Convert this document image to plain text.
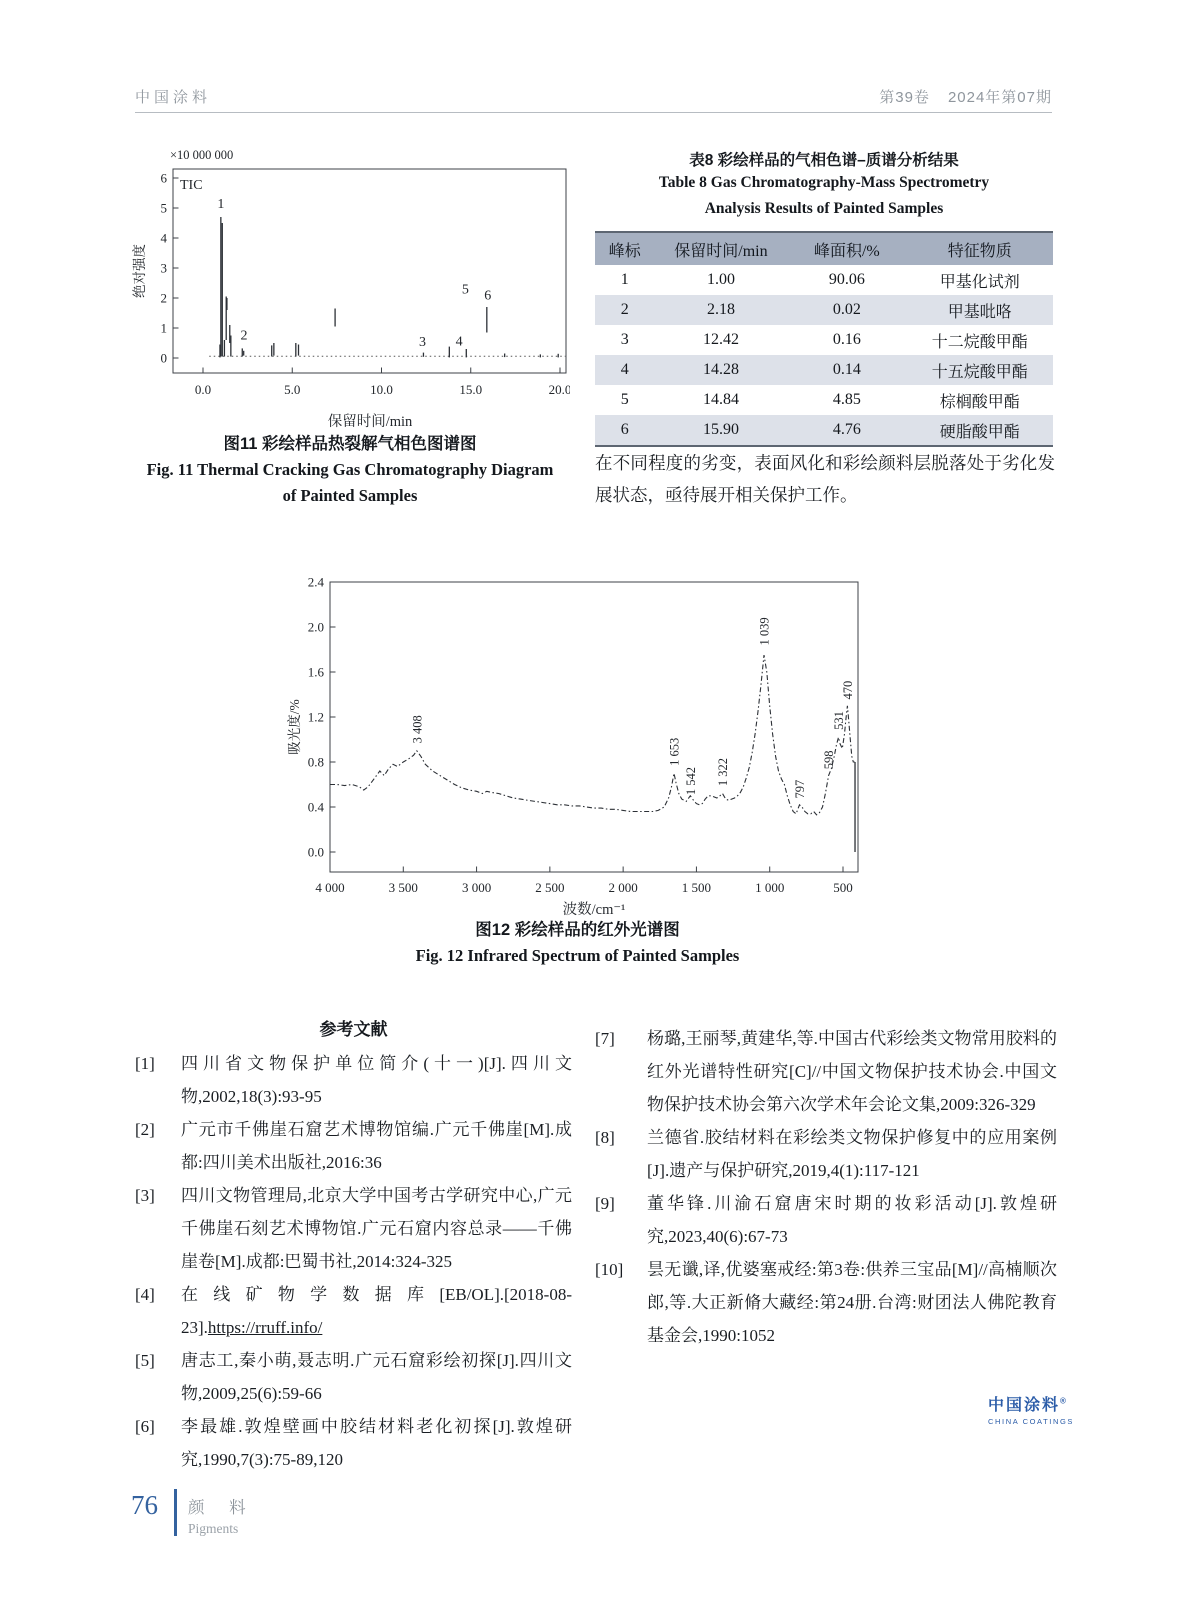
中国涂料	第39卷 2024年第07期
0
1
2
3
4
5
6
0.0	5.0	10.0	15.0	20.0
1
2	3 4
5 6
TIC
×10 000 000
绝对强度
保留时间/min
图11 彩绘样品热裂解气相色图谱图
Fig. 11 Thermal Cracking Gas Chromatography Diagram
of Painted Samples
表8 彩绘样品的气相色谱–质谱分析结果
Table 8 Gas Chromatography-Mass Spectrometry
Analysis Results of Painted Samples
峰标	保留时间/min	峰面积/%	特征物质
1	1.00	90.06	甲基化试剂
2	2.18	0.02	甲基吡咯
3	12.42	0.16	十二烷酸甲酯
4	14.28	0.14	十五烷酸甲酯
5	14.84	4.85	棕榈酸甲酯
6	15.90	4.76	硬脂酸甲酯
在不同程度的劣变，表面风化和彩绘颜料层脱落处于劣化发展状态，亟待展开相关保护工作。
0.0
0.4
0.8
1.2
1.6
2.0
2.4
4 000	3 500	3 000	2 500	2 000	1 500	1 000	500
3 408
1 653
1 542 1 322
1 039
797
598
531
470
吸光度/%
波数/cm⁻¹
图12 彩绘样品的红外光谱图
Fig. 12 Infrared Spectrum of Painted Samples
参考文献
[1]	四川省文物保护单位简介(十一)[J].四川文物,2002,18(3):93-95
[2]	广元市千佛崖石窟艺术博物馆编.广元千佛崖[M].成都:四川美术出版社,2016:36
[3]	四川文物管理局,北京大学中国考古学研究中心,广元千佛崖石刻艺术博物馆.广元石窟内容总录——千佛崖卷[M].成都:巴蜀书社,2014:324-325
[4]	在线矿物学数据库[EB/OL].[2018-08-23].https://rruff.info/
[5]	唐志工,秦小萌,聂志明.广元石窟彩绘初探[J].四川文物,2009,25(6):59-66
[6]	李最雄.敦煌壁画中胶结材料老化初探[J].敦煌研究,1990,7(3):75-89,120
[7]	杨璐,王丽琴,黄建华,等.中国古代彩绘类文物常用胶料的红外光谱特性研究[C]//中国文物保护技术协会.中国文物保护技术协会第六次学术年会论文集,2009:326-329
[8]	兰德省.胶结材料在彩绘类文物保护修复中的应用案例[J].遗产与保护研究,2019,4(1):117-121
[9]	董华锋.川渝石窟唐宋时期的妆彩活动[J].敦煌研究,2023,40(6):67-73
[10]	昙无谶,译,优婆塞戒经:第3卷:供养三宝品[M]//高楠顺次郎,等.大正新脩大藏经:第24册.台湾:财团法人佛陀教育基金会,1990:1052
中国涂料®
CHINA COATINGS
76 颜 料
Pigments
